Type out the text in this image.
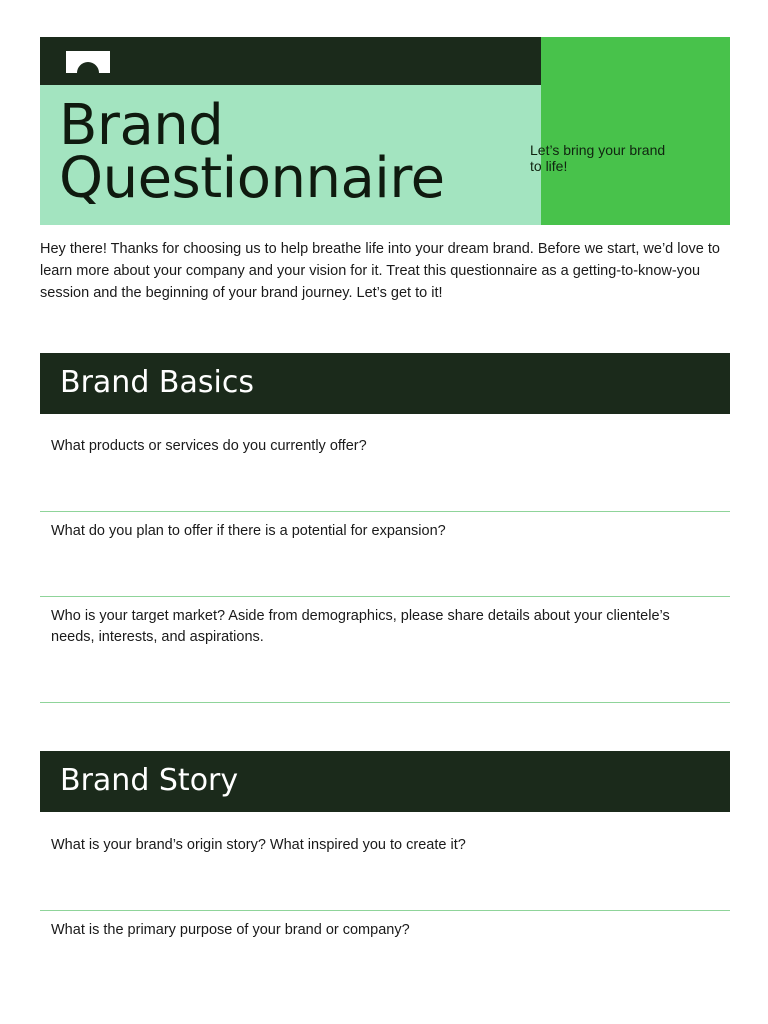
Brand
Questionnaire	Let’s bring your brand to life!

Hey there! Thanks for choosing us to help breathe life into your dream brand. Before we start, we’d love to learn more about your company and your vision for it. Treat this questionnaire as a getting-to-know-you session and the beginning of your brand journey. Let’s get to it!

Brand Basics

What products or services do you currently offer?

What do you plan to offer if there is a potential for expansion?

Who is your target market? Aside from demographics, please share details about your clientele’s needs, interests, and aspirations.

Brand Story

What is your brand’s origin story? What inspired you to create it?

What is the primary purpose of your brand or company?
